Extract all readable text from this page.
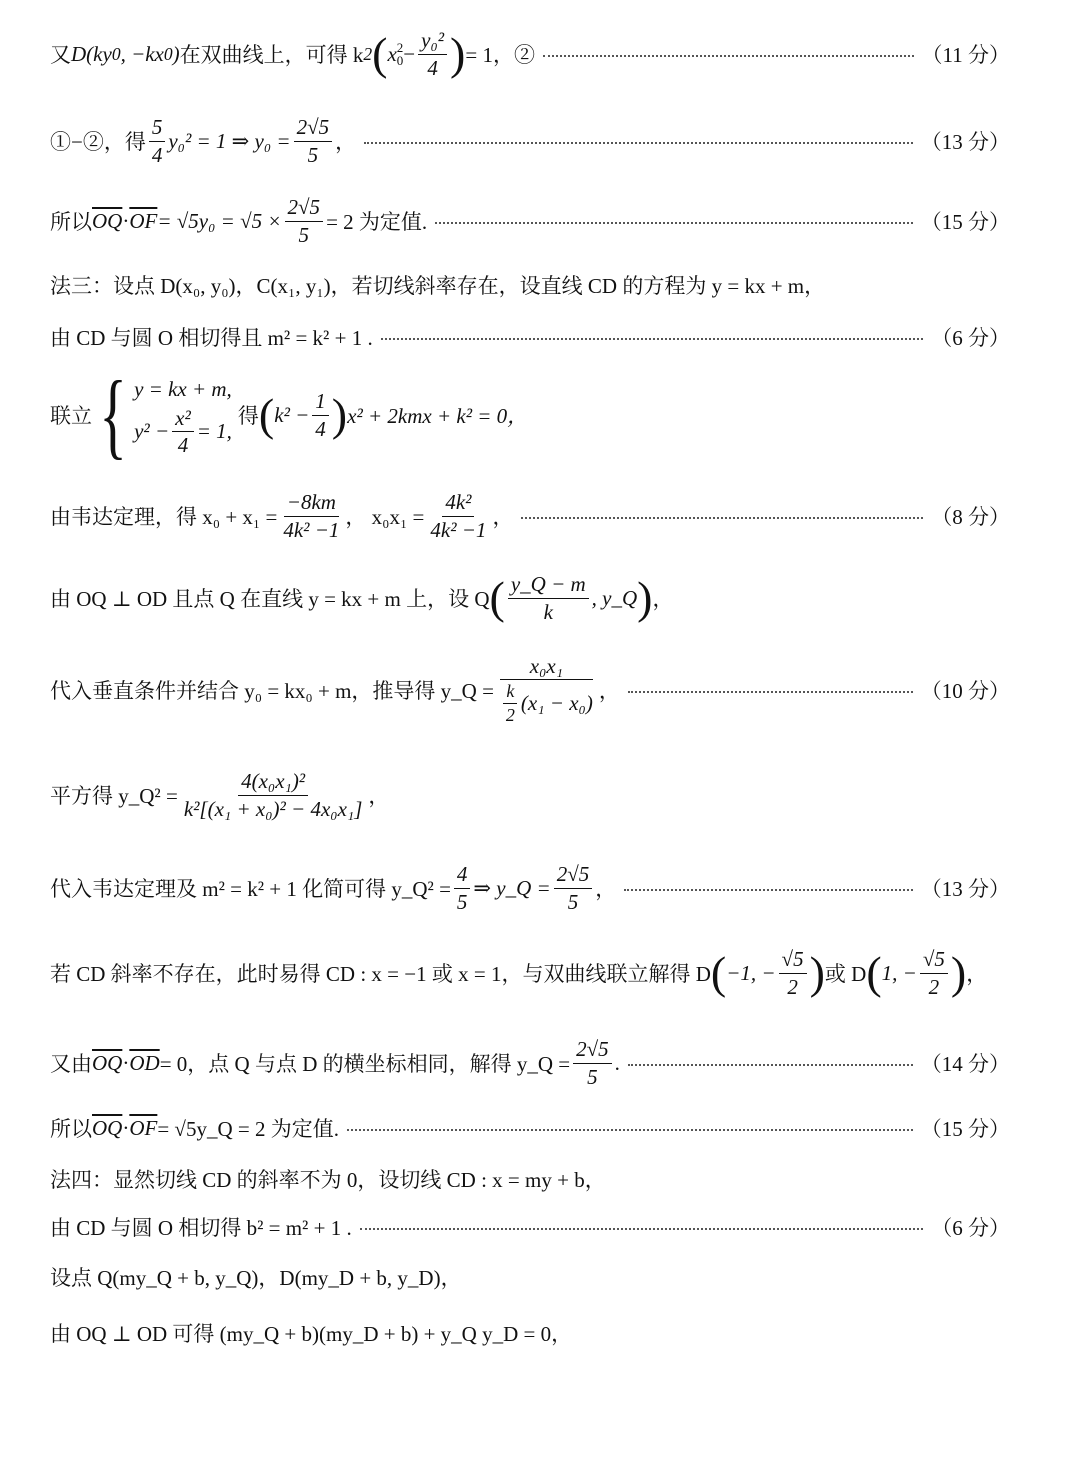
又 D(ky 0 , −kx 0 ) 在双曲线上，可得 k 2 ( x 2
$0 - \frac{\text{y₀²}}{4}$ ) = 1，②	（11 分）
①−②，得 $\frac{5}{4} y_0^2 = 1$ ⇒ $y_0 = \frac{2√5}{5}$ ，	（13 分）
所以 $\overline{OQ} \cdot \overline{OF} = √5y_0 = √5 \times \frac{2√5}{5} = 2$ 为定值.	（15 分）
法三：设点 D(x₀, y₀)，C(x₁, y₁)，若切线斜率存在，设直线 CD 的方程为 y = kx + m，
由 CD 与圆 O 相切得且 m² = k² + 1 .	（6 分）
联立 { y = kx + m,
$y^2 - \frac{\text{x²}}{4} = 1$,
得 ( $k^2 - \frac{1}{4}$ ) x² + 2kmx + k² = 0，
由韦达定理，得 $x_0 + x_1 = \frac{-8km}{\text{4k² −1}}$ ， $x_0x_1 = \frac{\text{4k²}}{\text{4k² −1}}$ ，	（8 分）
由 OQ ⊥ OD 且点 Q 在直线 y = kx + m 上，设 Q ( $\frac{y\_Q - m}{k}$ , y_Q ) ，
代入垂直条件并结合 y₀ = kx₀ + m，推导得 y_Q = $\frac{\text{x₀x₁}}{\frac{k}{2} (x_1 - x_0)}$ ，	（10 分）
平方得 y_Q² = $\frac{\text{4(x₀x₁)²}}{\text{k²[(x₁ + x₀)² − 4x₀x₁]}}$ ，
代入韦达定理及 m² = k² + 1 化简可得 y_Q² = $\frac{4}{5}$ ⇒ y_Q = $\frac{2√5}{5}$ ，	（13 分）
若 CD 斜率不存在，此时易得 CD : x = −1 或 x = 1，与双曲线联立解得 D ( −1, − $\frac{√5}{2}$ ) 或 D ( 1, − $\frac{√5}{2}$ ) ，
又由 $\overline{OQ} \cdot \overline{OD} = 0$，点 Q 与点 D 的横坐标相同，解得 y_Q = $\frac{2√5}{5}$ .	（14 分）
所以 $\overline{OQ} \cdot \overline{OF}$ = √5y_Q = 2 为定值.	（15 分）
法四：显然切线 CD 的斜率不为 0，设切线 CD : x = my + b，
由 CD 与圆 O 相切得 b² = m² + 1 .	（6 分）
设点 Q(my_Q + b, y_Q)，D(my_D + b, y_D)，
由 OQ ⊥ OD 可得 (my_Q + b)(my_D + b) + y_Q y_D = 0，
